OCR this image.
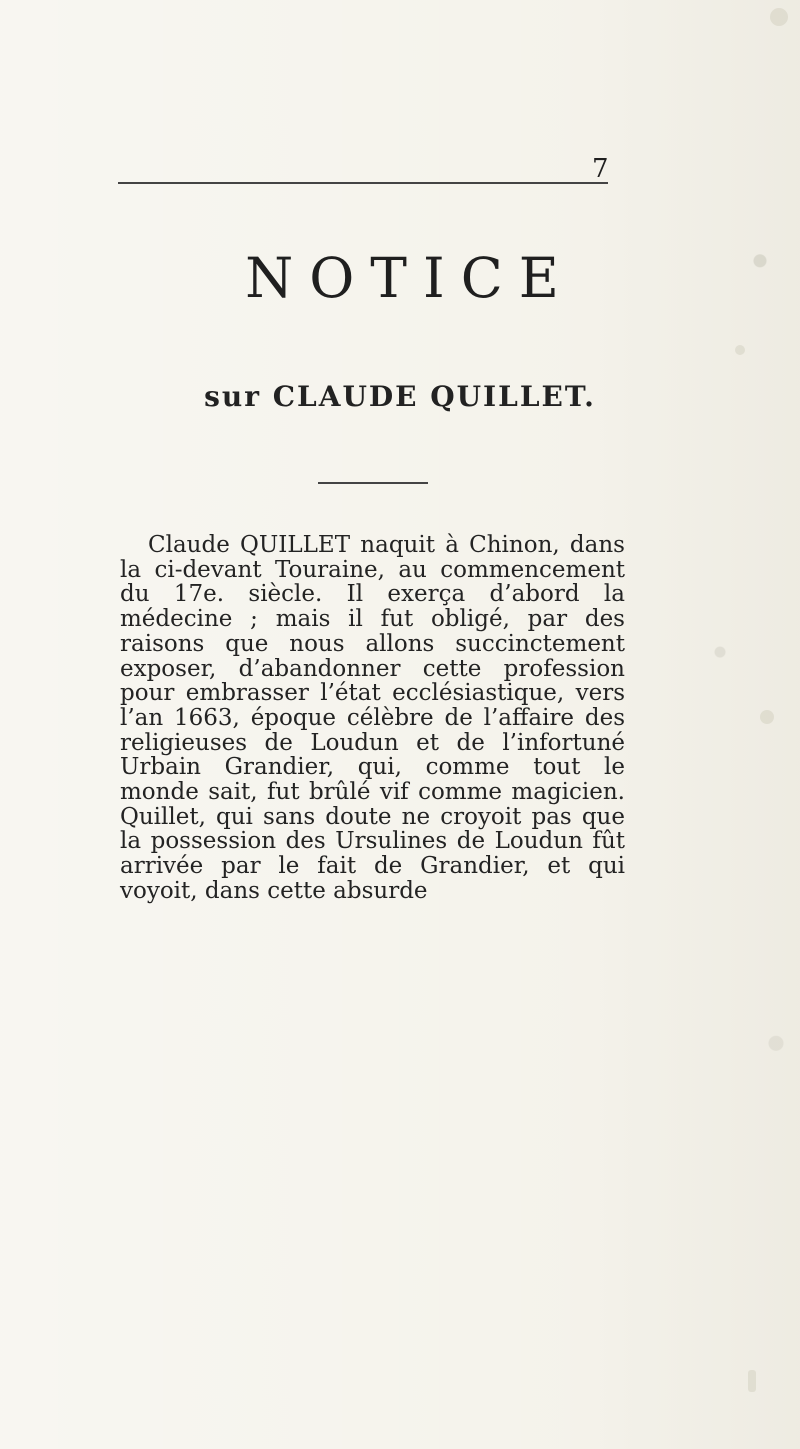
7
NOTICE
sur CLAUDE QUILLET.

Claude QUILLET naquit à Chinon, dans la ci-devant Touraine, au commencement du 17e. siècle. Il exerça d’abord la médecine ; mais il fut obligé, par des raisons que nous allons succinctement exposer, d’abandonner cette profession pour embrasser l’état ecclésiastique, vers l’an 1663, époque célèbre de l’affaire des religieuses de Loudun et de l’infortuné Urbain Grandier, qui, comme tout le monde sait, fut brûlé vif comme magicien. Quillet, qui sans doute ne croyoit pas que la possession des Ursulines de Loudun fût arrivée par le fait de Grandier, et qui voyoit, dans cette absurde
